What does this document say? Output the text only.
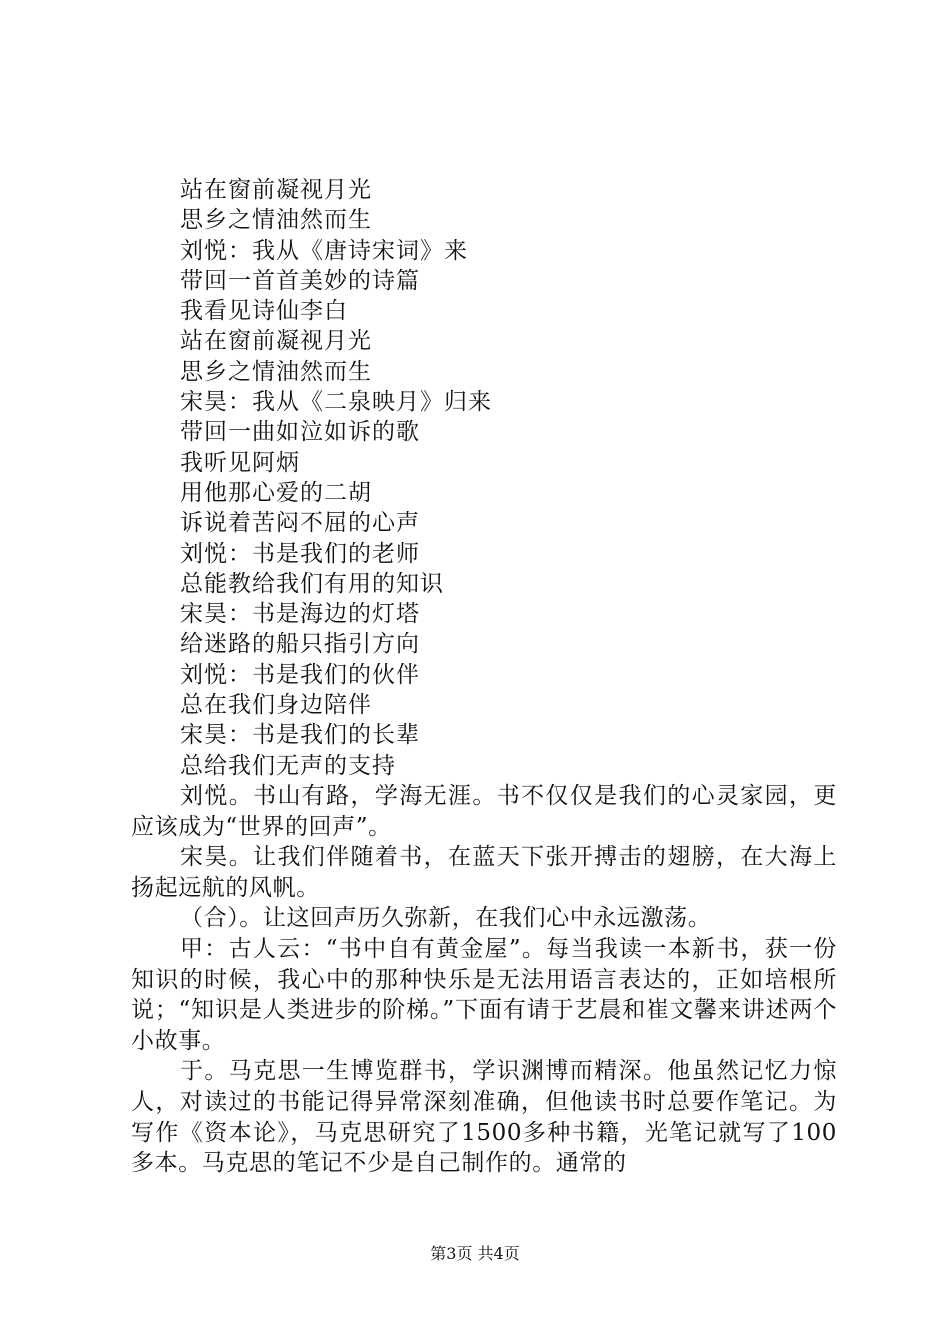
站在窗前凝视月光
思乡之情油然而生
刘悦：我从《唐诗宋词》来
带回一首首美妙的诗篇
我看见诗仙李白
站在窗前凝视月光
思乡之情油然而生
宋昊：我从《二泉映月》归来
带回一曲如泣如诉的歌
我听见阿炳
用他那心爱的二胡
诉说着苦闷不屈的心声
刘悦：书是我们的老师
总能教给我们有用的知识
宋昊：书是海边的灯塔
给迷路的船只指引方向
刘悦：书是我们的伙伴
总在我们身边陪伴
宋昊：书是我们的长辈
总给我们无声的支持

刘悦。书山有路，学海无涯。书不仅仅是我们的心灵家园，更应该成为“世界的回声”。

宋昊。让我们伴随着书，在蓝天下张开搏击的翅膀，在大海上扬起远航的风帆。

（合）。让这回声历久弥新，在我们心中永远激荡。

甲：古人云：“书中自有黄金屋”。每当我读一本新书，获一份知识的时候，我心中的那种快乐是无法用语言表达的，正如培根所说；“知识是人类进步的阶梯。”下面有请于艺晨和崔文馨来讲述两个小故事。

于。马克思一生博览群书，学识渊博而精深。他虽然记忆力惊人，对读过的书能记得异常深刻准确，但他读书时总要作笔记。为写作《资本论》，马克思研究了1500多种书籍，光笔记就写了100多本。马克思的笔记不少是自己制作的。通常的

第3页 共4页
